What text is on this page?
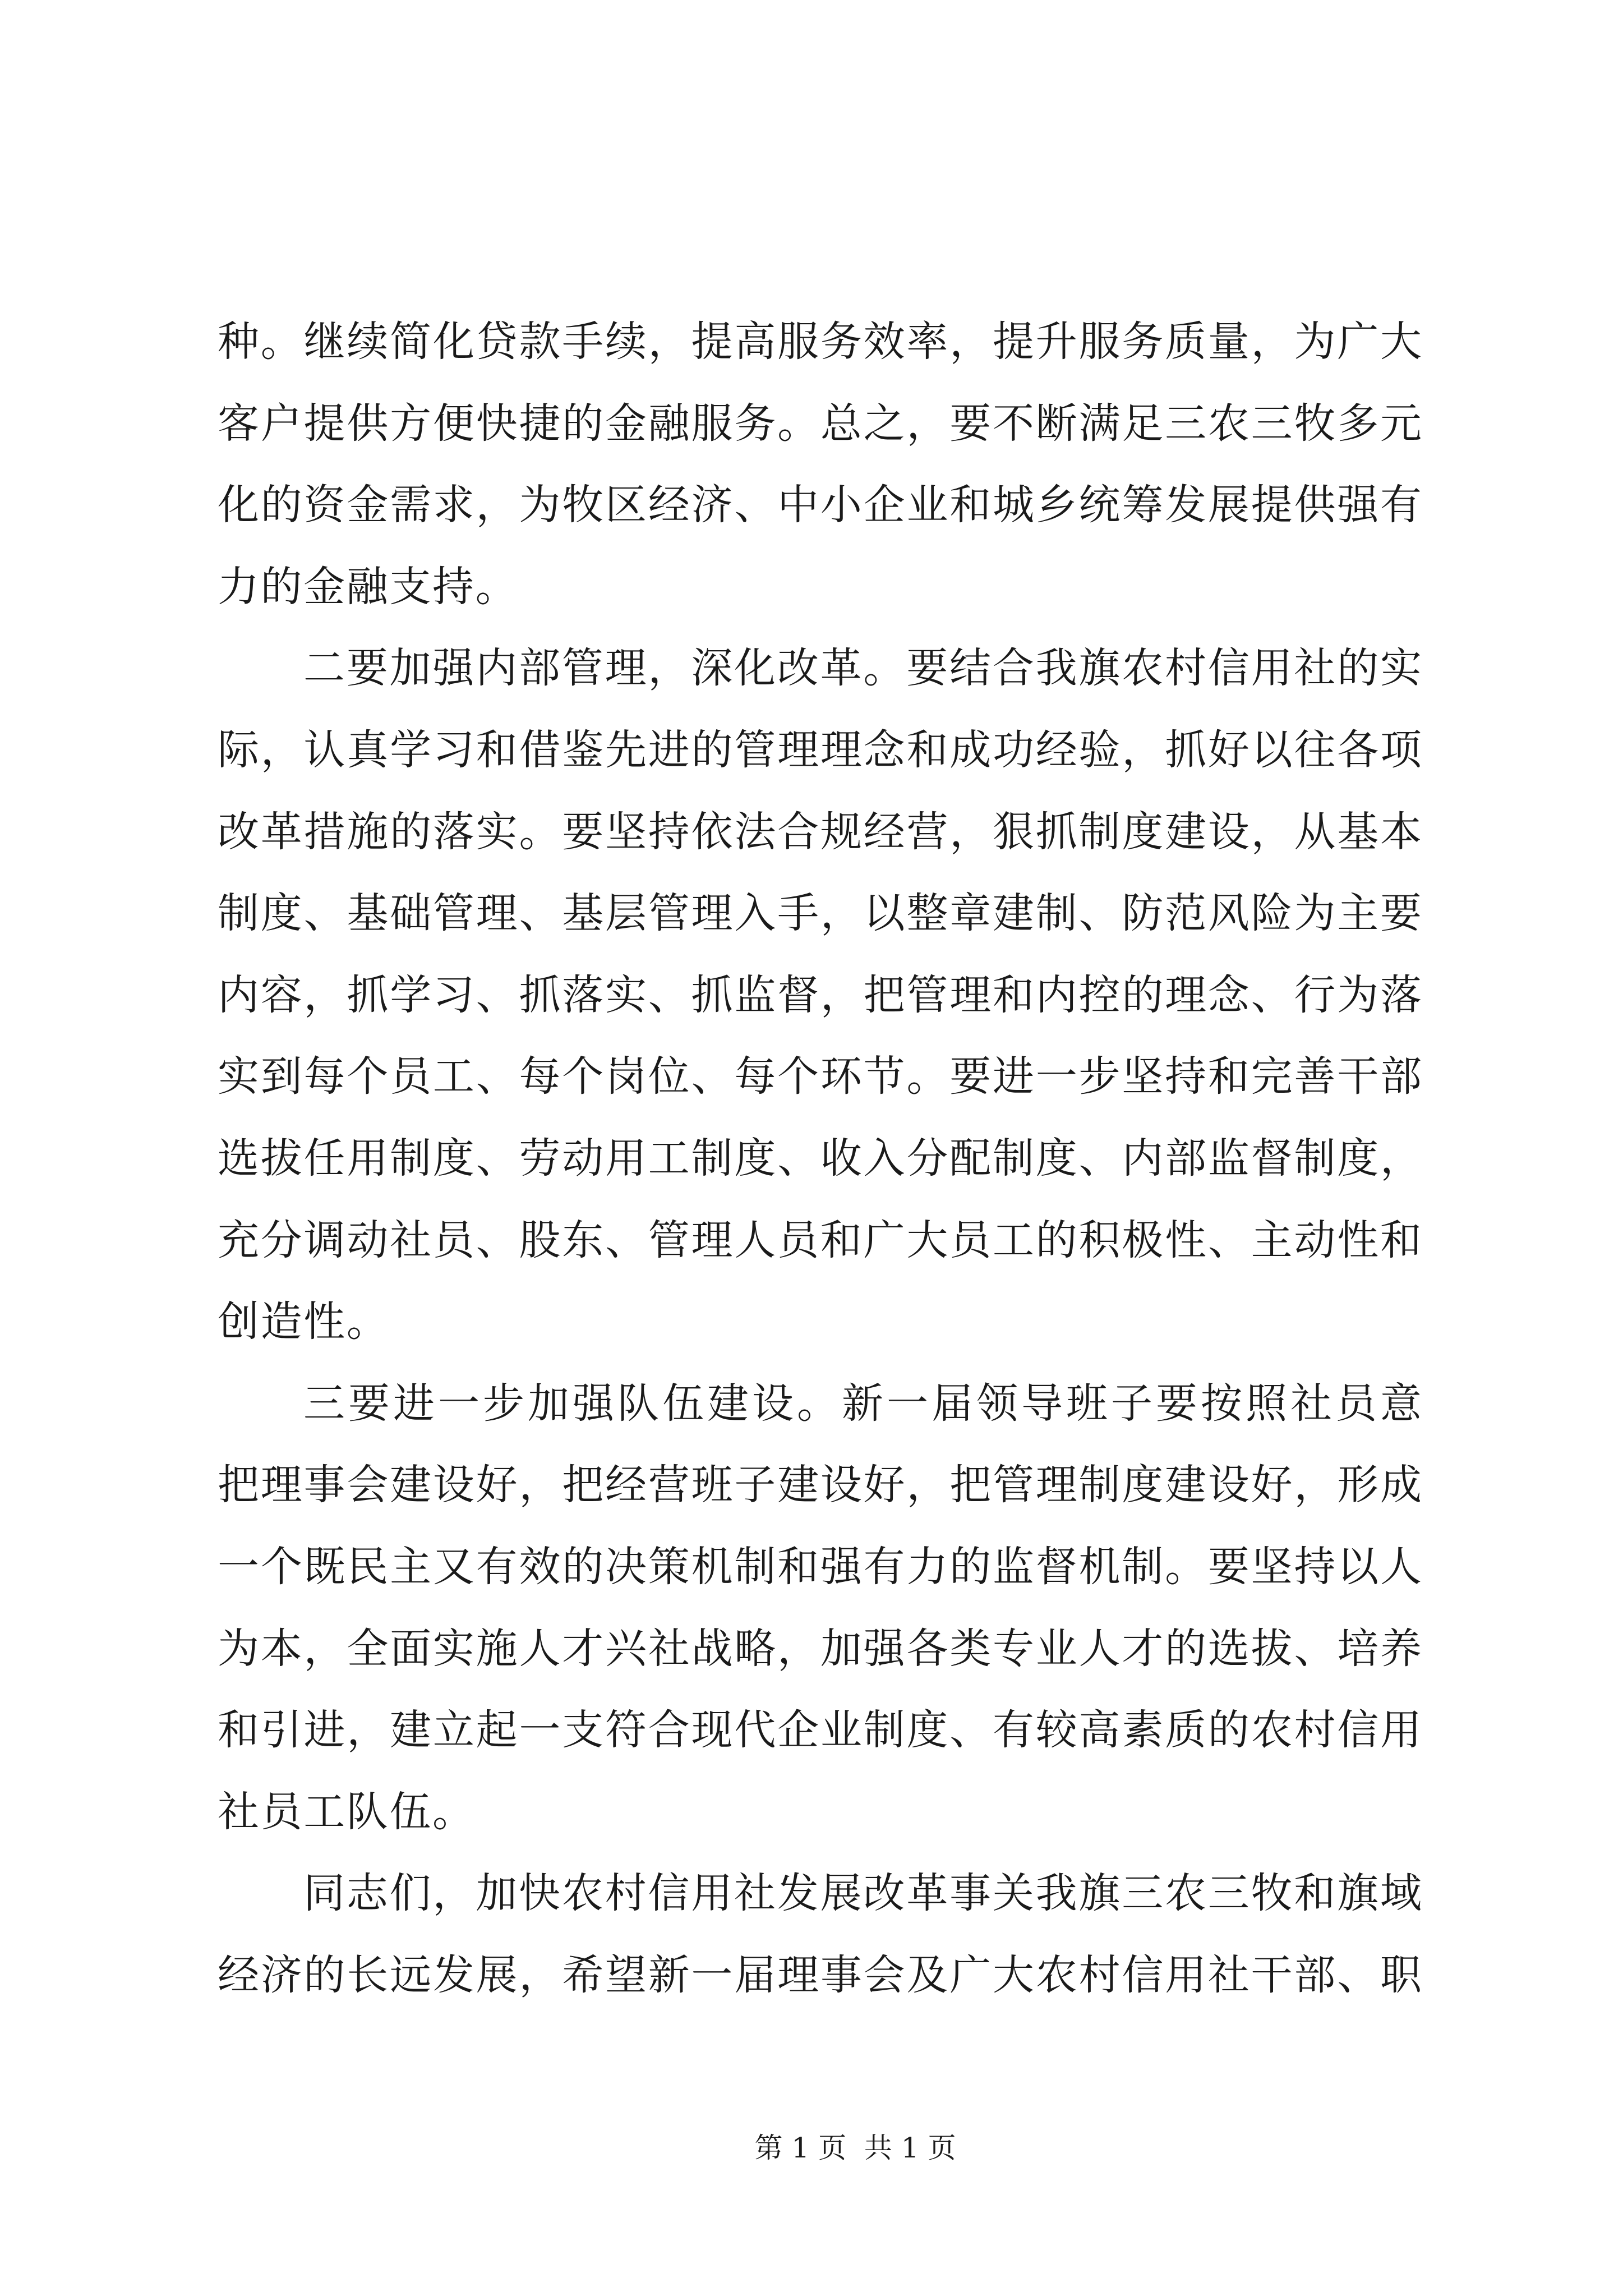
种。继续简化贷款手续，提高服务效率，提升服务质量，为广大
客户提供方便快捷的金融服务。总之，要不断满足三农三牧多元
化的资金需求，为牧区经济、中小企业和城乡统筹发展提供强有
力的金融支持。
二要加强内部管理，深化改革。要结合我旗农村信用社的实
际，认真学习和借鉴先进的管理理念和成功经验，抓好以往各项
改革措施的落实。要坚持依法合规经营，狠抓制度建设，从基本
制度、基础管理、基层管理入手，以整章建制、防范风险为主要
内容，抓学习、抓落实、抓监督，把管理和内控的理念、行为落
实到每个员工、每个岗位、每个环节。要进一步坚持和完善干部
选拔任用制度、劳动用工制度、收入分配制度、内部监督制度，
充分调动社员、股东、管理人员和广大员工的积极性、主动性和
创造性。
三要进一步加强队伍建设。新一届领导班子要按照社员意
把理事会建设好，把经营班子建设好，把管理制度建设好，形成
一个既民主又有效的决策机制和强有力的监督机制。要坚持以人
为本，全面实施人才兴社战略，加强各类专业人才的选拔、培养
和引进，建立起一支符合现代企业制度、有较高素质的农村信用
社员工队伍。
同志们，加快农村信用社发展改革事关我旗三农三牧和旗域
经济的长远发展，希望新一届理事会及广大农村信用社干部、职
第 1 页  共 1 页
